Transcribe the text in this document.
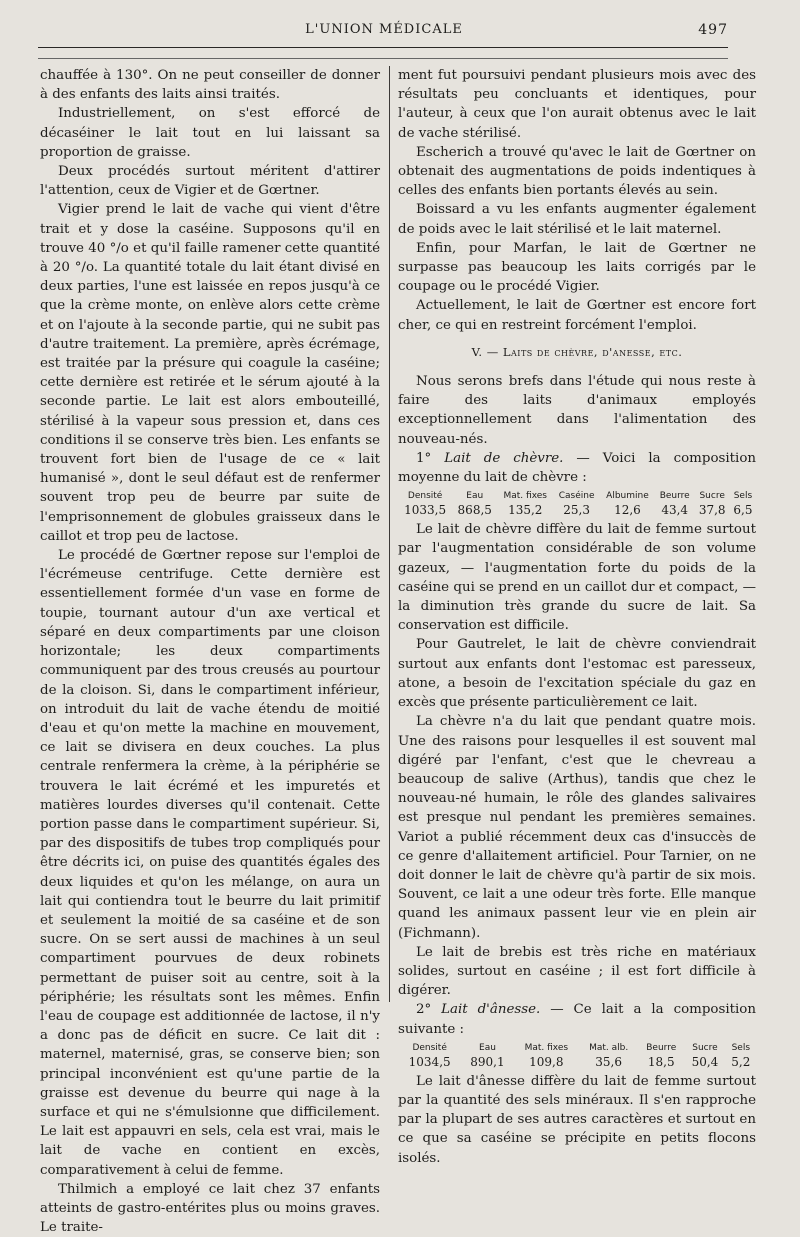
L'UNION MÉDICALE	497

chauffée à 130°. On ne peut conseiller de donner à des enfants des laits ainsi traités.

Industriellement, on s'est efforcé de décaséiner le lait tout en lui laissant sa proportion de graisse.

Deux procédés surtout méritent d'attirer l'attention, ceux de Vigier et de Gœrtner.

Vigier prend le lait de vache qui vient d'être trait et y dose la caséine. Supposons qu'il en trouve 40 °/o et qu'il faille ramener cette quantité à 20 °/o. La quantité totale du lait étant divisé en deux parties, l'une est laissée en repos jusqu'à ce que la crème monte, on enlève alors cette crème et on l'ajoute à la seconde partie, qui ne subit pas d'autre traitement. La première, après écrémage, est traitée par la présure qui coagule la caséine; cette dernière est retirée et le sérum ajouté à la seconde partie. Le lait est alors embouteillé, stérilisé à la vapeur sous pression et, dans ces conditions il se conserve très bien. Les enfants se trouvent fort bien de l'usage de ce « lait humanisé », dont le seul défaut est de renfermer souvent trop peu de beurre par suite de l'emprisonnement de globules graisseux dans le caillot et trop peu de lactose.

Le procédé de Gœrtner repose sur l'emploi de l'écrémeuse centrifuge. Cette dernière est essentiellement formée d'un vase en forme de toupie, tournant autour d'un axe vertical et séparé en deux compartiments par une cloison horizontale; les deux compartiments communiquent par des trous creusés au pourtour de la cloison. Si, dans le compartiment inférieur, on introduit du lait de vache étendu de moitié d'eau et qu'on mette la machine en mouvement, ce lait se divisera en deux couches. La plus centrale renfermera la crème, à la périphérie se trouvera le lait écrémé et les impuretés et matières lourdes diverses qu'il contenait. Cette portion passe dans le compartiment supérieur. Si, par des dispositifs de tubes trop compliqués pour être décrits ici, on puise des quantités égales des deux liquides et qu'on les mélange, on aura un lait qui contiendra tout le beurre du lait primitif et seulement la moitié de sa caséine et de son sucre. On se sert aussi de machines à un seul compartiment pourvues de deux robinets permettant de puiser soit au centre, soit à la périphérie; les résultats sont les mêmes. Enfin l'eau de coupage est additionnée de lactose, il n'y a donc pas de déficit en sucre. Ce lait dit : maternel, maternisé, gras, se conserve bien; son principal inconvénient est qu'une partie de la graisse est devenue du beurre qui nage à la surface et qui ne s'émulsionne que difficilement. Le lait est appauvri en sels, cela est vrai, mais le lait de vache en contient en excès, comparativement à celui de femme.

Thilmich a employé ce lait chez 37 enfants atteints de gastro-entérites plus ou moins graves. Le traite-

ment fut poursuivi pendant plusieurs mois avec des résultats peu concluants et identiques, pour l'auteur, à ceux que l'on aurait obtenus avec le lait de vache stérilisé.

Escherich a trouvé qu'avec le lait de Gœrtner on obtenait des augmentations de poids indentiques à celles des enfants bien portants élevés au sein.

Boissard a vu les enfants augmenter également de poids avec le lait stérilisé et le lait maternel.

Enfin, pour Marfan, le lait de Gœrtner ne surpasse pas beaucoup les laits corrigés par le coupage ou le procédé Vigier.

Actuellement, le lait de Gœrtner est encore fort cher, ce qui en restreint forcément l'emploi.

V. — Laits de chèvre, d'anesse, etc.

Nous serons brefs dans l'étude qui nous reste à faire des laits d'animaux employés exceptionnellement dans l'alimentation des nouveau-nés.

1° Lait de chèvre. — Voici la composition moyenne du lait de chèvre :

Densité	Eau	Mat. fixes	Caséine	Albumine	Beurre	Sucre	Sels
1033,5	868,5	135,2	25,3	12,6	43,4	37,8	6,5

Le lait de chèvre diffère du lait de femme surtout par l'augmentation considérable de son volume gazeux, — l'augmentation forte du poids de la caséine qui se prend en un caillot dur et compact, — la diminution très grande du sucre de lait. Sa conservation est difficile.

Pour Gautrelet, le lait de chèvre conviendrait surtout aux enfants dont l'estomac est paresseux, atone, a besoin de l'excitation spéciale du gaz en excès que présente particulièrement ce lait.

La chèvre n'a du lait que pendant quatre mois. Une des raisons pour lesquelles il est souvent mal digéré par l'enfant, c'est que le chevreau a beaucoup de salive (Arthus), tandis que chez le nouveau-né humain, le rôle des glandes salivaires est presque nul pendant les premières semaines. Variot a publié récemment deux cas d'insuccès de ce genre d'allaitement artificiel. Pour Tarnier, on ne doit donner le lait de chèvre qu'à partir de six mois. Souvent, ce lait a une odeur très forte. Elle manque quand les animaux passent leur vie en plein air (Fichmann).

Le lait de brebis est très riche en matériaux solides, surtout en caséine ; il est fort difficile à digérer.

2° Lait d'ânesse. — Ce lait a la composition suivante :

Densité	Eau	Mat. fixes	Mat. alb.	Beurre	Sucre	Sels
1034,5	890,1	109,8	35,6	18,5	50,4	5,2

Le lait d'ânesse diffère du lait de femme surtout par la quantité des sels minéraux. Il s'en rapproche par la plupart de ses autres caractères et surtout en ce que sa caséine se précipite en petits flocons isolés.
